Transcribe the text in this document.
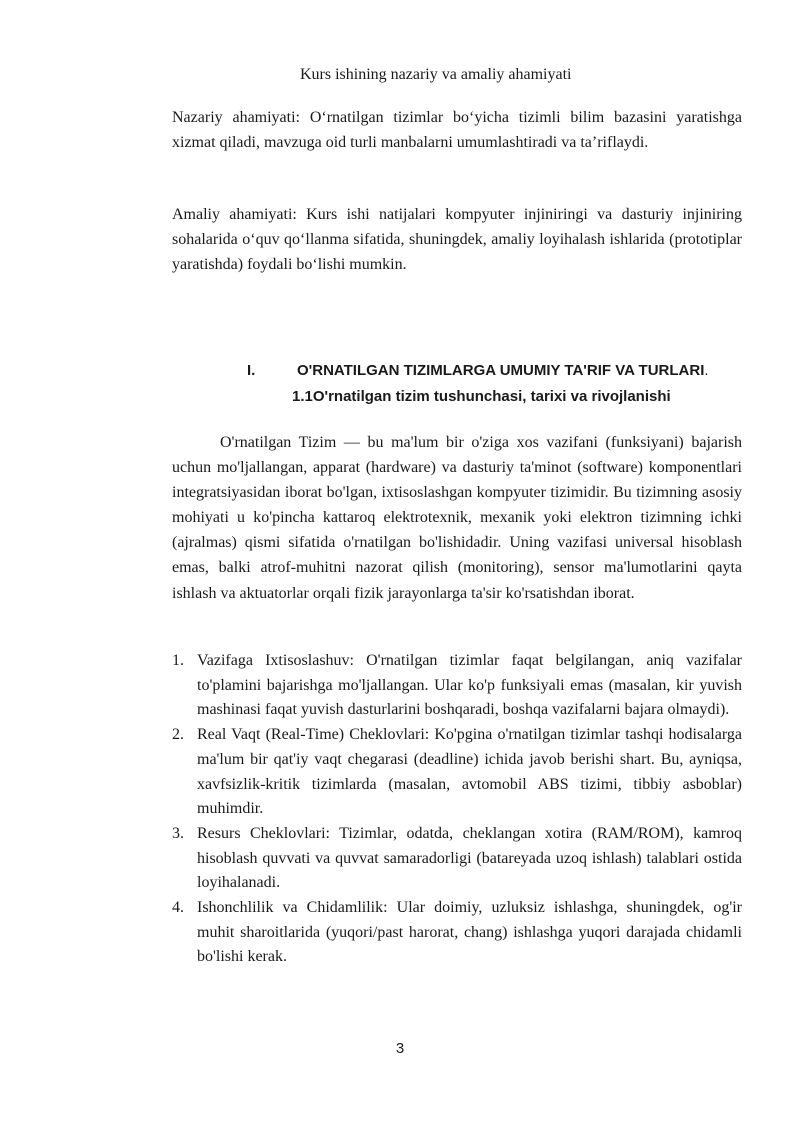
Kurs ishining nazariy va amaliy ahamiyati

Nazariy ahamiyati: O‘rnatilgan tizimlar bo‘yicha tizimli bilim bazasini yaratishga xizmat qiladi, mavzuga oid turli manbalarni umumlashtiradi va ta’riflaydi.

Amaliy ahamiyati: Kurs ishi natijalari kompyuter injiniringi va dasturiy injiniring sohalarida o‘quv qo‘llanma sifatida, shuningdek, amaliy loyihalash ishlarida (prototiplar yaratishda) foydali bo‘lishi mumkin.

I.	O'RNATILGAN TIZIMLARGA UMUMIY TA'RIF VA TURLARI.
1.1O'rnatilgan tizim tushunchasi, tarixi va rivojlanishi

O'rnatilgan Tizim — bu ma'lum bir o'ziga xos vazifani (funksiyani) bajarish uchun mo'ljallangan, apparat (hardware) va dasturiy ta'minot (software) komponentlari integratsiyasidan iborat bo'lgan, ixtisoslashgan kompyuter tizimidir. Bu tizimning asosiy mohiyati u ko'pincha kattaroq elektrotexnik, mexanik yoki elektron tizimning ichki (ajralmas) qismi sifatida o'rnatilgan bo'lishidadir. Uning vazifasi universal hisoblash emas, balki atrof-muhitni nazorat qilish (monitoring), sensor ma'lumotlarini qayta ishlash va aktuatorlar orqali fizik jarayonlarga ta'sir ko'rsatishdan iborat.

1. Vazifaga Ixtisoslashuv: O'rnatilgan tizimlar faqat belgilangan, aniq vazifalar to'plamini bajarishga mo'ljallangan. Ular ko'p funksiyali emas (masalan, kir yuvish mashinasi faqat yuvish dasturlarini boshqaradi, boshqa vazifalarni bajara olmaydi).
2. Real Vaqt (Real-Time) Cheklovlari: Ko'pgina o'rnatilgan tizimlar tashqi hodisalarga ma'lum bir qat'iy vaqt chegarasi (deadline) ichida javob berishi shart. Bu, ayniqsa, xavfsizlik-kritik tizimlarda (masalan, avtomobil ABS tizimi, tibbiy asboblar) muhimdir.
3. Resurs Cheklovlari: Tizimlar, odatda, cheklangan xotira (RAM/ROM), kamroq hisoblash quvvati va quvvat samaradorligi (batareyada uzoq ishlash) talablari ostida loyihalanadi.
4. Ishonchlilik va Chidamlilik: Ular doimiy, uzluksiz ishlashga, shuningdek, og'ir muhit sharoitlarida (yuqori/past harorat, chang) ishlashga yuqori darajada chidamli bo'lishi kerak.
3
